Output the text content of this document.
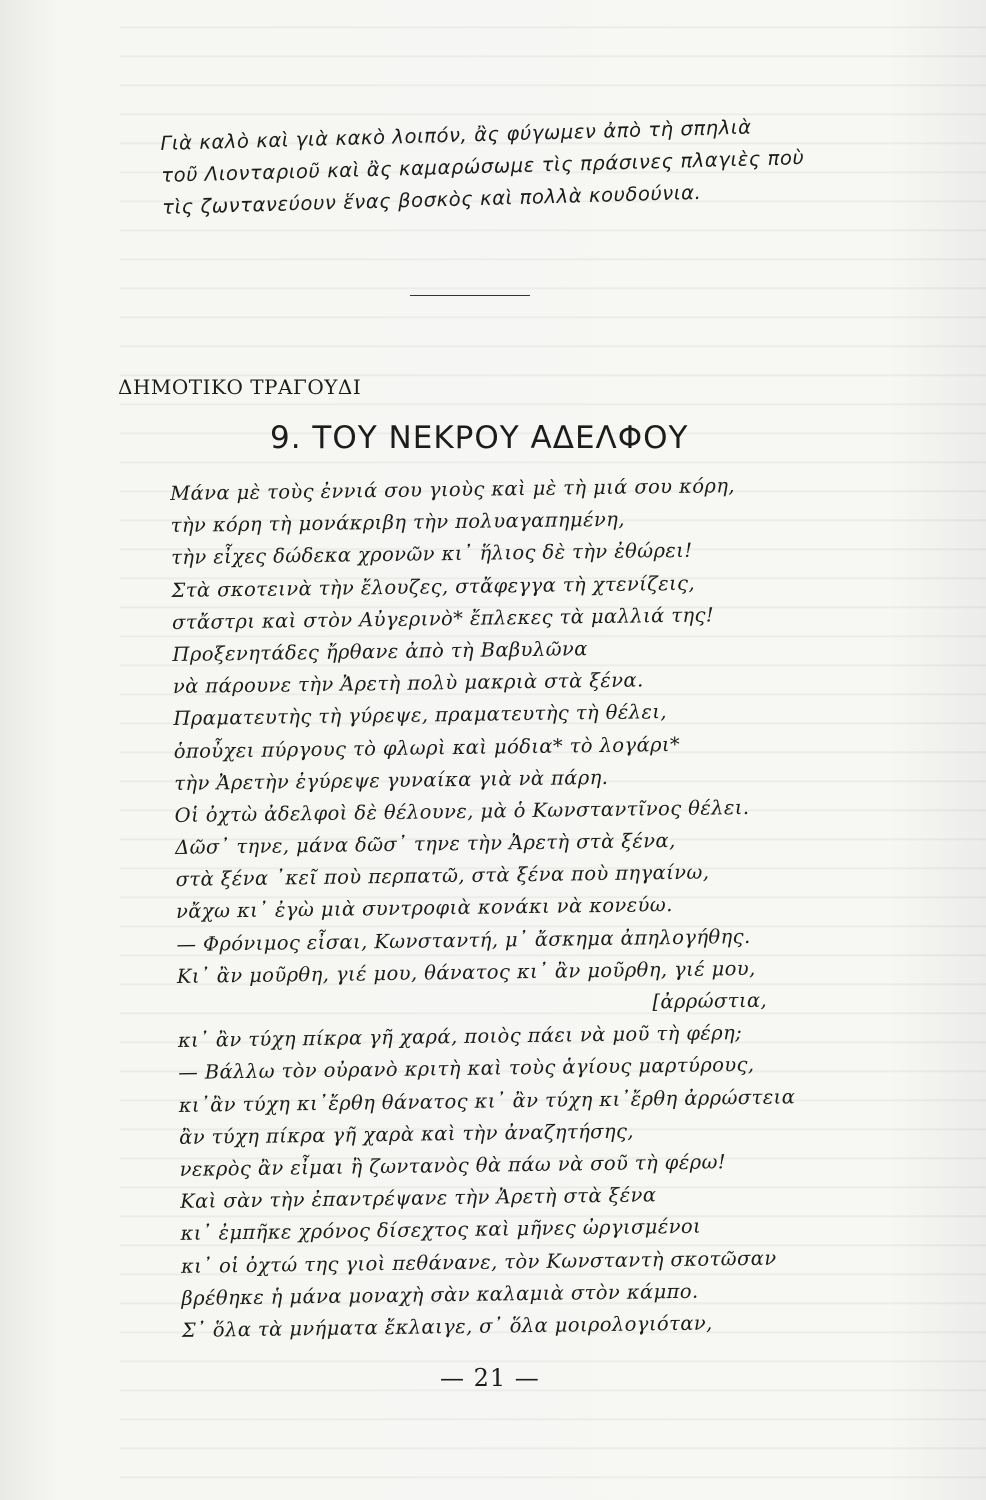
Γιὰ καλὸ καὶ γιὰ κακὸ λοιπόν, ἂς φύγωμεν ἀπὸ τὴ σπηλιὰ
τοῦ Λιονταριοῦ καὶ ἂς καμαρώσωμε τὶς πράσινες πλαγιὲς ποὺ
τὶς ζωντανεύουν ἕνας βοσκὸς καὶ πολλὰ κουδούνια.
ΔΗΜΟΤΙΚΟ ΤΡΑΓΟΥΔΙ
9. ΤΟΥ ΝΕΚΡΟΥ ΑΔΕΛΦΟΥ
Μάνα μὲ τοὺς ἐννιά σου γιοὺς καὶ μὲ τὴ μιά σου κόρη,
τὴν κόρη τὴ μονάκριβη τὴν πολυαγαπημένη,
τὴν εἶχες δώδεκα χρονῶν κι᾿ ἥλιος δὲ τὴν ἐθώρει!
Στὰ σκοτεινὰ τὴν ἔλουζες, στἄφεγγα τὴ χτενίζεις,
στἄστρι καὶ στὸν Αὐγερινὸ* ἔπλεκες τὰ μαλλιά της!
Προξενητάδες ἤρθανε ἀπὸ τὴ Βαβυλῶνα
νὰ πάρουνε τὴν Ἀρετὴ πολὺ μακριὰ στὰ ξένα.
Πραματευτὴς τὴ γύρεψε, πραματευτὴς τὴ θέλει,
ὁποὖχει πύργους τὸ φλωρὶ καὶ μόδια* τὸ λογάρι*
τὴν Ἀρετὴν ἐγύρεψε γυναίκα γιὰ νὰ πάρη.
Οἱ ὀχτὼ ἀδελφοὶ δὲ θέλουνε, μὰ ὁ Κωνσταντῖνος θέλει.
Δῶσ᾿ τηνε, μάνα δῶσ᾿ τηνε τὴν Ἀρετὴ στὰ ξένα,
στὰ ξένα ᾿κεῖ ποὺ περπατῶ, στὰ ξένα ποὺ πηγαίνω,
νἄχω κι᾿ ἐγὼ μιὰ συντροφιὰ κονάκι νὰ κονεύω.
— Φρόνιμος εἶσαι, Κωνσταντή, μ᾿ ἄσκημα ἀπηλογήθης.
Κι᾿ ἂν μοῦρθη, γιέ μου, θάνατος κι᾿ ἂν μοῦρθη, γιέ μου,
[ἀρρώστια,
κι᾿ ἂν τύχη πίκρα γῆ χαρά, ποιὸς πάει νὰ μοῦ τὴ φέρη;
— Βάλλω τὸν οὐρανὸ κριτὴ καὶ τοὺς ἁγίους μαρτύρους,
κι᾿ἂν τύχη κι᾿ἔρθη θάνατος κι᾿ ἂν τύχη κι᾿ἔρθη ἀρρώστεια
ἂν τύχη πίκρα γῆ χαρὰ καὶ τὴν ἀναζητήσης,
νεκρὸς ἂν εἶμαι ἢ ζωντανὸς θὰ πάω νὰ σοῦ τὴ φέρω!
Καὶ σὰν τὴν ἐπαντρέψανε τὴν Ἀρετὴ στὰ ξένα
κι᾿ ἐμπῆκε χρόνος δίσεχτος καὶ μῆνες ὠργισμένοι
κι᾿ οἱ ὀχτώ της γιοὶ πεθάνανε, τὸν Κωνσταντὴ σκοτῶσαν
βρέθηκε ἡ μάνα μοναχὴ σὰν καλαμιὰ στὸν κάμπο.
Σ᾿ ὅλα τὰ μνήματα ἔκλαιγε, σ᾿ ὅλα μοιρολογιόταν,
— 21 —
